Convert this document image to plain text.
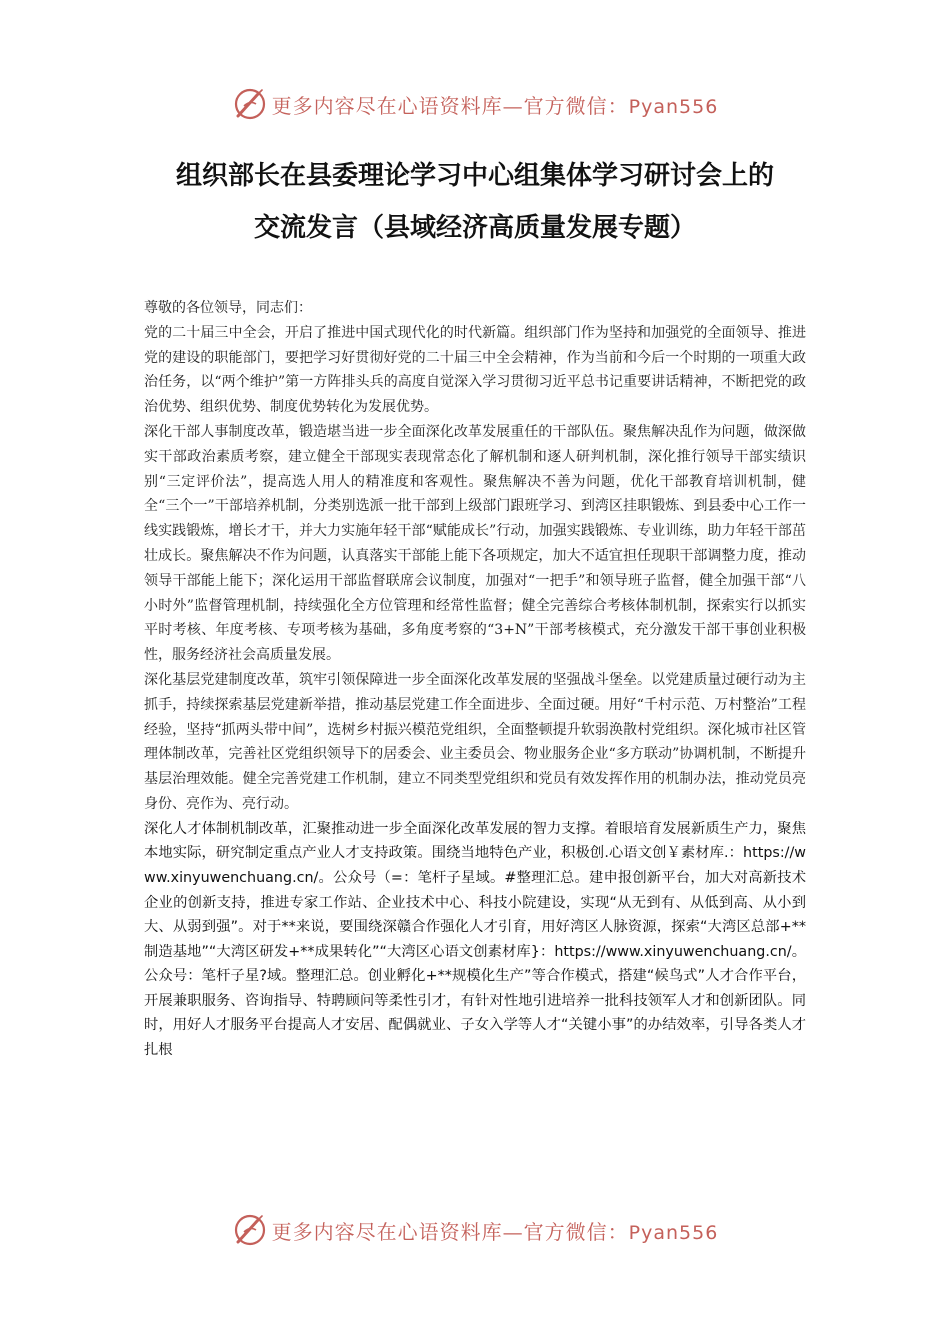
更多内容尽在心语资料库—官方微信：Pyan556
组织部长在县委理论学习中心组集体学习研讨会上的
交流发言（县域经济高质量发展专题）

尊敬的各位领导，同志们：

党的二十届三中全会，开启了推进中国式现代化的时代新篇。组织部门作为坚持和加强党的全面领导、推进党的建设的职能部门，要把学习好贯彻好党的二十届三中全会精神，作为当前和今后一个时期的一项重大政治任务，以“两个维护”第一方阵排头兵的高度自觉深入学习贯彻习近平总书记重要讲话精神，不断把党的政治优势、组织优势、制度优势转化为发展优势。

深化干部人事制度改革，锻造堪当进一步全面深化改革发展重任的干部队伍。聚焦解决乱作为问题，做深做实干部政治素质考察，建立健全干部现实表现常态化了解机制和逐人研判机制，深化推行领导干部实绩识别“三定评价法”，提高选人用人的精准度和客观性。聚焦解决不善为问题，优化干部教育培训机制，健全“三个一”干部培养机制，分类别选派一批干部到上级部门跟班学习、到湾区挂职锻炼、到县委中心工作一线实践锻炼，增长才干，并大力实施年轻干部“赋能成长”行动，加强实践锻炼、专业训练，助力年轻干部茁壮成长。聚焦解决不作为问题，认真落实干部能上能下各项规定，加大不适宜担任现职干部调整力度，推动领导干部能上能下；深化运用干部监督联席会议制度，加强对“一把手”和领导班子监督，健全加强干部“八小时外”监督管理机制，持续强化全方位管理和经常性监督；健全完善综合考核体制机制，探索实行以抓实平时考核、年度考核、专项考核为基础，多角度考察的“3+N”干部考核模式，充分激发干部干事创业积极性，服务经济社会高质量发展。

深化基层党建制度改革，筑牢引领保障进一步全面深化改革发展的坚强战斗堡垒。以党建质量过硬行动为主抓手，持续探索基层党建新举措，推动基层党建工作全面进步、全面过硬。用好“千村示范、万村整治”工程经验，坚持“抓两头带中间”，选树乡村振兴模范党组织，全面整顿提升软弱涣散村党组织。深化城市社区管理体制改革，完善社区党组织领导下的居委会、业主委员会、物业服务企业“多方联动”协调机制，不断提升基层治理效能。健全完善党建工作机制，建立不同类型党组织和党员有效发挥作用的机制办法，推动党员亮身份、亮作为、亮行动。

深化人才体制机制改革，汇聚推动进一步全面深化改革发展的智力支撑。着眼培育发展新质生产力，聚焦本地实际，研究制定重点产业人才支持政策。围绕当地特色产业，积极创.心语文创￥素材库.：https://www.xinyuwenchuang.cn/。公众号（=：笔杆子星域。#整理汇总。建申报创新平台，加大对高新技术企业的创新支持，推进专家工作站、企业技术中心、科技小院建设，实现“从无到有、从低到高、从小到大、从弱到强”。对于**来说，要围绕深赣合作强化人才引育，用好湾区人脉资源，探索“大湾区总部+**制造基地”“大湾区研发+**成果转化”“大湾区心语文创素材库}：https://www.xinyuwenchuang.cn/。公众号：笔杆子星?域。整理汇总。创业孵化+**规模化生产”等合作模式，搭建“候鸟式”人才合作平台，开展兼职服务、咨询指导、特聘顾问等柔性引才，有针对性地引进培养一批科技领军人才和创新团队。同时，用好人才服务平台提高人才安居、配偶就业、子女入学等人才“关键小事”的办结效率，引导各类人才扎根

更多内容尽在心语资料库—官方微信：Pyan556
